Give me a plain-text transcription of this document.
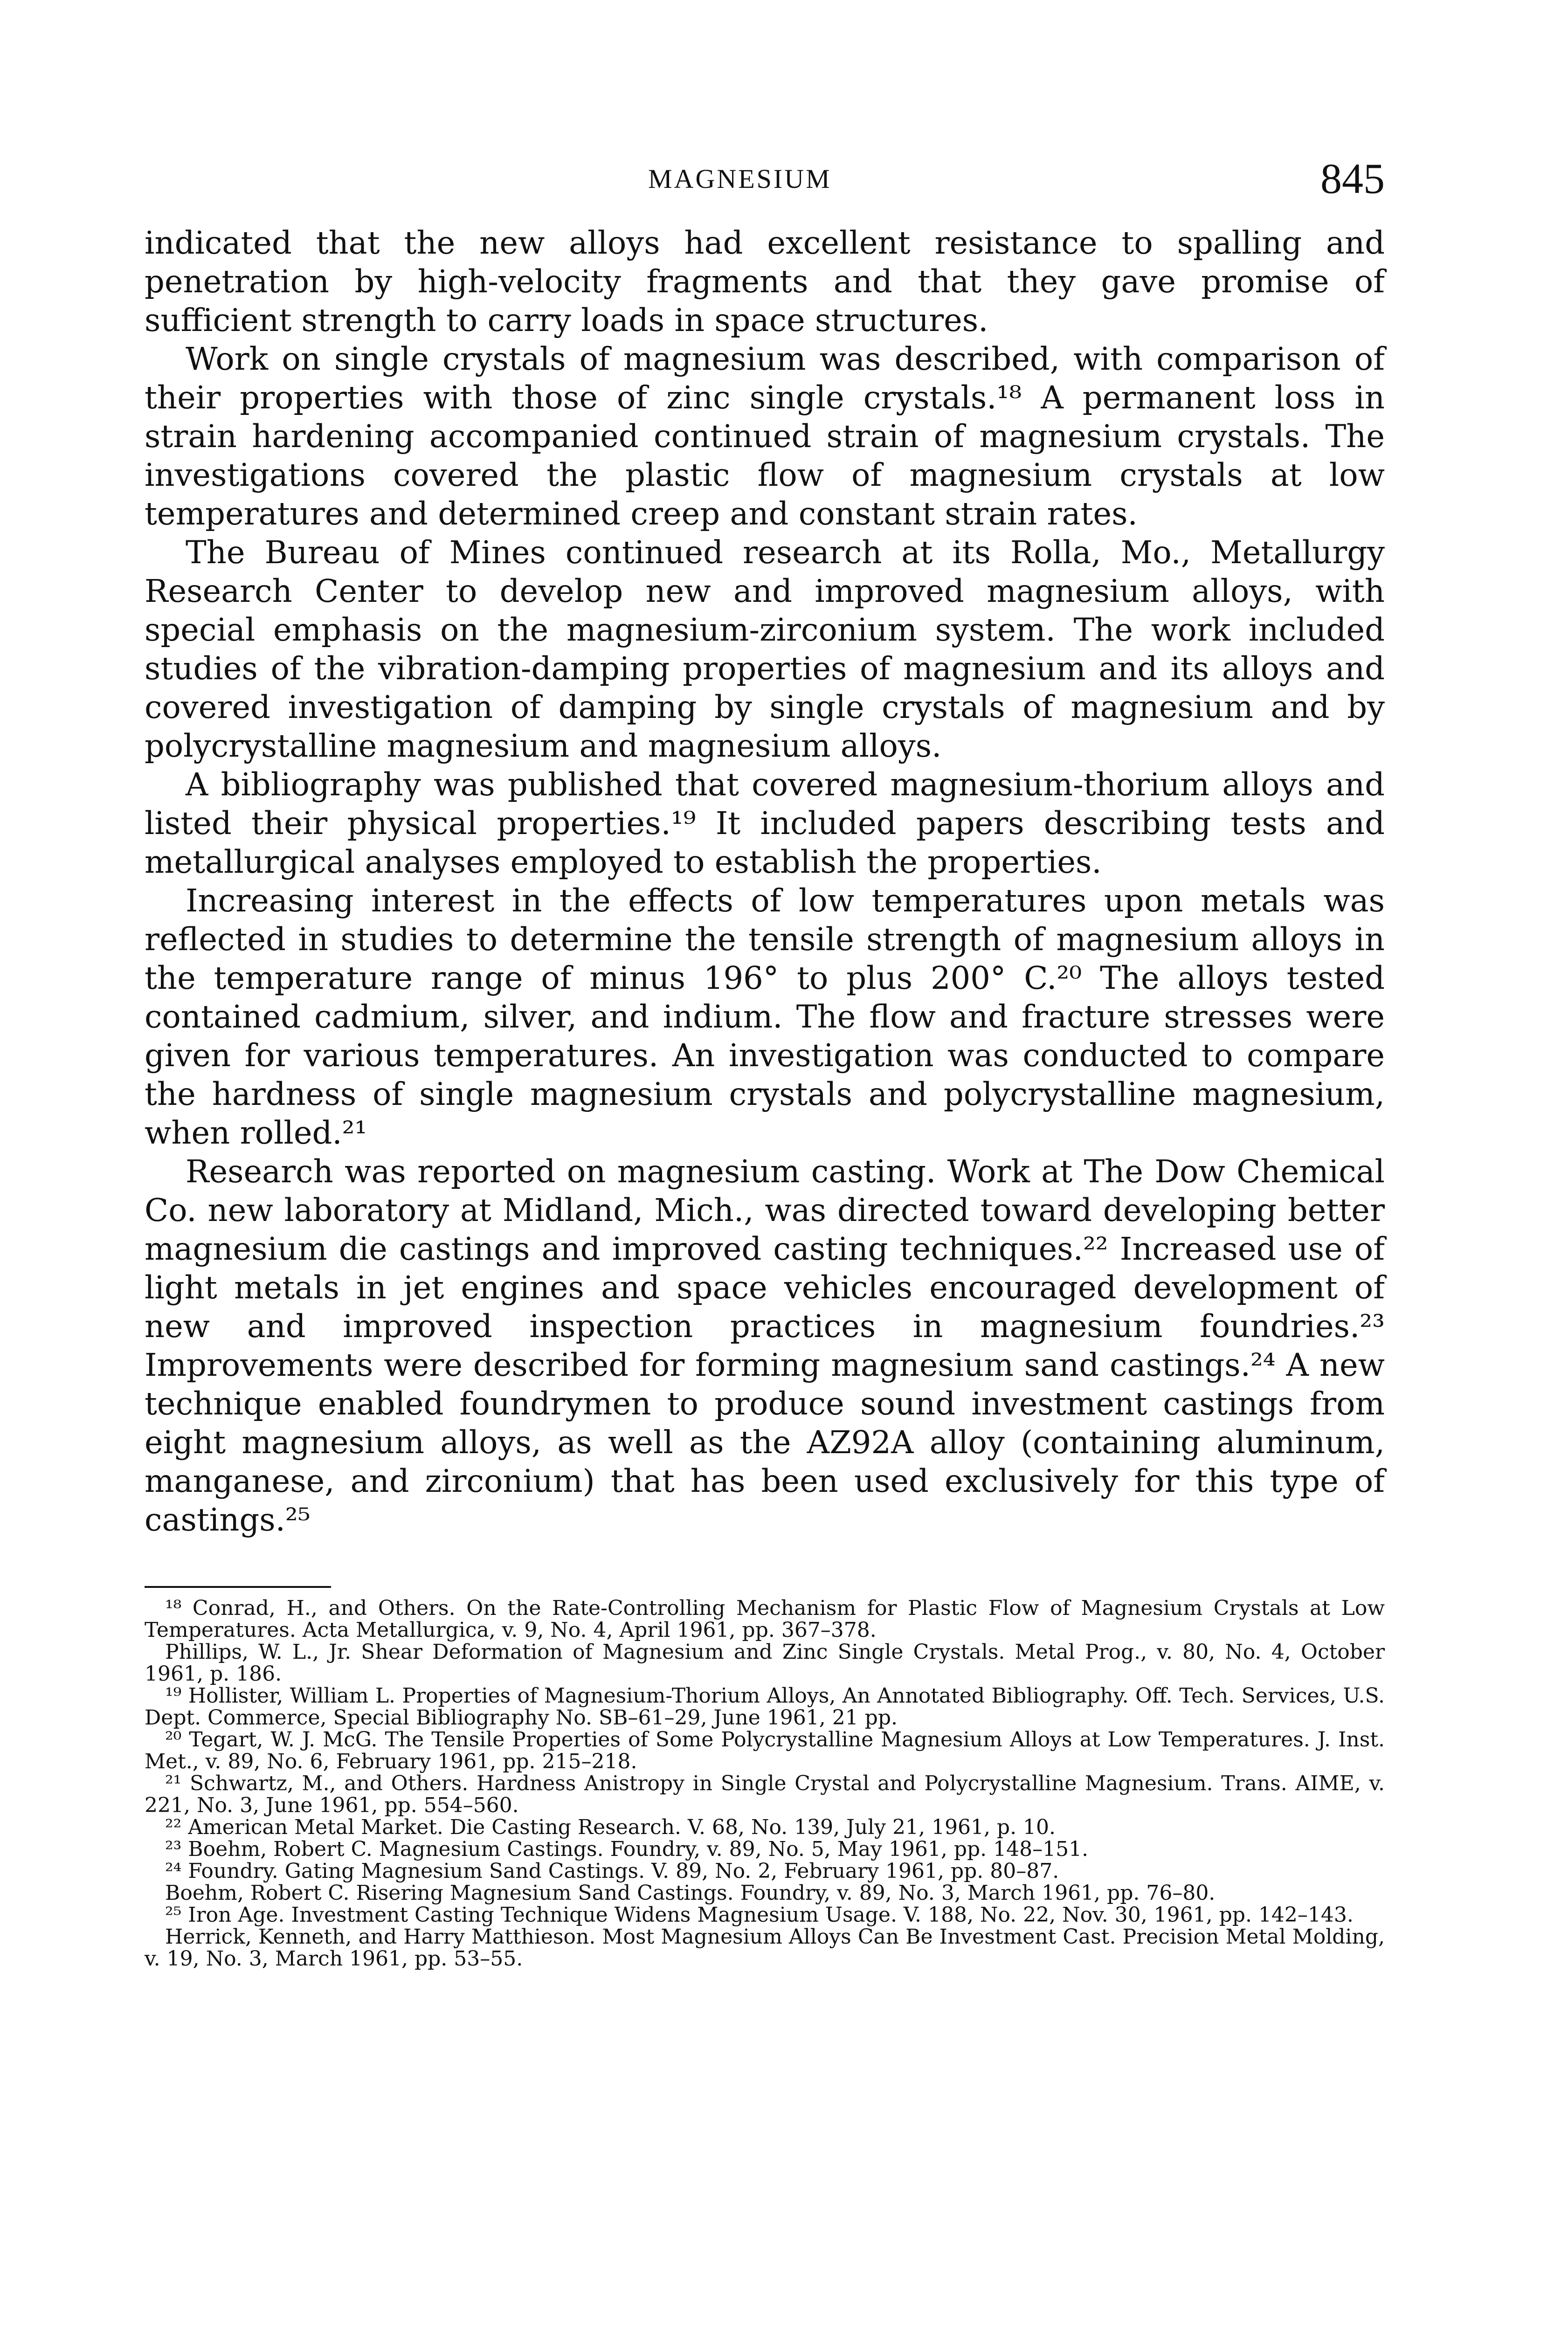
MAGNESIUM	845

indicated that the new alloys had excellent resistance to spalling and penetration by high-velocity fragments and that they gave promise of sufficient strength to carry loads in space structures.

Work on single crystals of magnesium was described, with comparison of their properties with those of zinc single crystals.¹⁸ A permanent loss in strain hardening accompanied continued strain of magnesium crystals. The investigations covered the plastic flow of magnesium crystals at low temperatures and determined creep and constant strain rates.

The Bureau of Mines continued research at its Rolla, Mo., Metallurgy Research Center to develop new and improved magnesium alloys, with special emphasis on the magnesium-zirconium system. The work included studies of the vibration-damping properties of magnesium and its alloys and covered investigation of damping by single crystals of magnesium and by polycrystalline magnesium and magnesium alloys.

A bibliography was published that covered magnesium-thorium alloys and listed their physical properties.¹⁹ It included papers describing tests and metallurgical analyses employed to establish the properties.

Increasing interest in the effects of low temperatures upon metals was reflected in studies to determine the tensile strength of magnesium alloys in the temperature range of minus 196° to plus 200° C.²⁰ The alloys tested contained cadmium, silver, and indium. The flow and fracture stresses were given for various temperatures. An investigation was conducted to compare the hardness of single magnesium crystals and polycrystalline magnesium, when rolled.²¹

Research was reported on magnesium casting. Work at The Dow Chemical Co. new laboratory at Midland, Mich., was directed toward developing better magnesium die castings and improved casting techniques.²² Increased use of light metals in jet engines and space vehicles encouraged development of new and improved inspection practices in magnesium foundries.²³ Improvements were described for forming magnesium sand castings.²⁴ A new technique enabled foundrymen to produce sound investment castings from eight magnesium alloys, as well as the AZ92A alloy (containing aluminum, manganese, and zirconium) that has been used exclusively for this type of castings.²⁵

¹⁸ Conrad, H., and Others. On the Rate-Controlling Mechanism for Plastic Flow of Magnesium Crystals at Low Temperatures. Acta Metallurgica, v. 9, No. 4, April 1961, pp. 367–378.

Phillips, W. L., Jr. Shear Deformation of Magnesium and Zinc Single Crystals. Metal Prog., v. 80, No. 4, October 1961, p. 186.

¹⁹ Hollister, William L. Properties of Magnesium-Thorium Alloys, An Annotated Bibliography. Off. Tech. Services, U.S. Dept. Commerce, Special Bibliography No. SB–61–29, June 1961, 21 pp.

²⁰ Tegart, W. J. McG. The Tensile Properties of Some Polycrystalline Magnesium Alloys at Low Temperatures. J. Inst. Met., v. 89, No. 6, February 1961, pp. 215–218.

²¹ Schwartz, M., and Others. Hardness Anistropy in Single Crystal and Polycrystalline Magnesium. Trans. AIME, v. 221, No. 3, June 1961, pp. 554–560.

²² American Metal Market. Die Casting Research. V. 68, No. 139, July 21, 1961, p. 10.

²³ Boehm, Robert C. Magnesium Castings. Foundry, v. 89, No. 5, May 1961, pp. 148–151.

²⁴ Foundry. Gating Magnesium Sand Castings. V. 89, No. 2, February 1961, pp. 80–87.

Boehm, Robert C. Risering Magnesium Sand Castings. Foundry, v. 89, No. 3, March 1961, pp. 76–80.

²⁵ Iron Age. Investment Casting Technique Widens Magnesium Usage. V. 188, No. 22, Nov. 30, 1961, pp. 142–143.

Herrick, Kenneth, and Harry Matthieson. Most Magnesium Alloys Can Be Investment Cast. Precision Metal Molding, v. 19, No. 3, March 1961, pp. 53–55.
